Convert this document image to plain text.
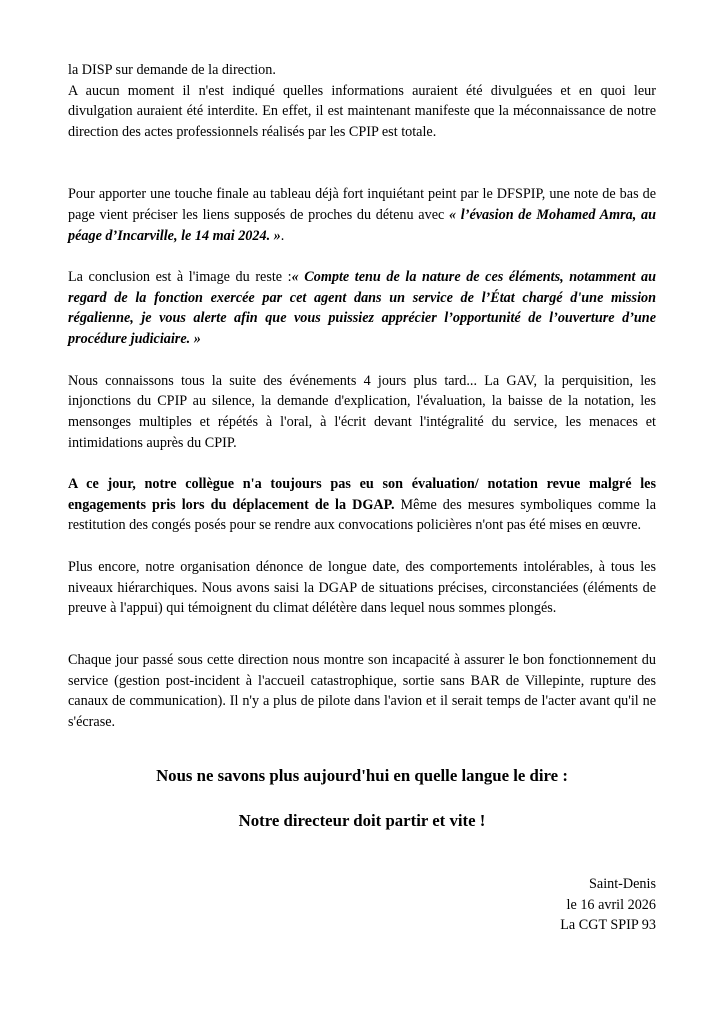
la DISP sur demande de la direction.

A aucun moment il n'est indiqué quelles informations auraient été divulguées et en quoi leur divulgation auraient été interdite. En effet, il est maintenant manifeste que la méconnaissance de notre direction des actes professionnels réalisés par les CPIP est totale.

Pour apporter une touche finale au tableau déjà fort inquiétant peint par le DFSPIP, une note de bas de page vient préciser les liens supposés de proches du détenu avec « l’évasion de Mohamed Amra, au péage d’Incarville, le 14 mai 2024. ».

La conclusion est à l'image du reste :« Compte tenu de la nature de ces éléments, notamment au regard de la fonction exercée par cet agent dans un service de l’État chargé d'une mission régalienne, je vous alerte afin que vous puissiez apprécier l’opportunité de l’ouverture d’une procédure judiciaire. »

Nous connaissons tous la suite des événements 4 jours plus tard... La GAV, la perquisition, les injonctions du CPIP au silence, la demande d'explication, l'évaluation, la baisse de la notation, les mensonges multiples et répétés à l'oral, à l'écrit devant l'intégralité du service, les menaces et intimidations auprès du CPIP.

A ce jour, notre collègue n'a toujours pas eu son évaluation/ notation revue malgré les engagements pris lors du déplacement de la DGAP. Même des mesures symboliques comme la restitution des congés posés pour se rendre aux convocations policières n'ont pas été mises en œuvre.

Plus encore, notre organisation dénonce de longue date, des comportements intolérables, à tous les niveaux hiérarchiques. Nous avons saisi la DGAP de situations précises, circonstanciées (éléments de preuve à l'appui) qui témoignent du climat délétère dans lequel nous sommes plongés.

Chaque jour passé sous cette direction nous montre son incapacité à assurer le bon fonctionnement du service (gestion post-incident à l'accueil catastrophique, sortie sans BAR de Villepinte, rupture des canaux de communication). Il n'y a plus de pilote dans l'avion et il serait temps de l'acter avant qu'il ne s'écrase.

Nous ne savons plus aujourd'hui en quelle langue le dire :

Notre directeur doit partir et vite !

Saint-Denis

le 16 avril 2026

La CGT SPIP 93
